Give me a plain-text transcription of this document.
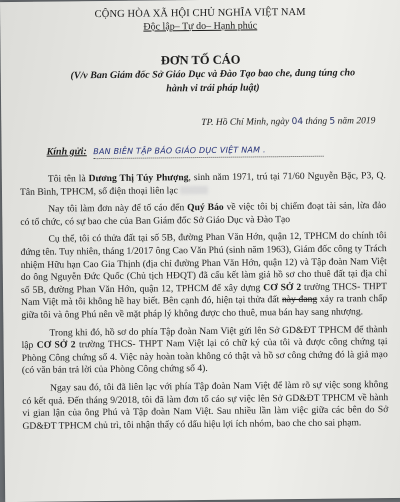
CỘNG HÒA XÃ HỘI CHỦ NGHĨA VIỆT NAM
Độc lập– Tự do– Hạnh phúc
ĐƠN TỐ CÁO
(V/v Ban Giám đốc Sở Giáo Dục và Đào Tạo bao che, dung túng cho hành vi trái pháp luật)
TP. Hồ Chí Minh, ngày 04 tháng 5 năm 2019
Kính gửi: BAN BIÊN TẬP BÁO GIÁO DỤC VIỆT NAM .

Tôi tên là Dương Thị Túy Phượng, sinh năm 1971, trú tại 71/60 Nguyễn Bặc, P3, Q. Tân Bình, TPHCM, số điện thoại liên lạc

Nay tôi làm đơn này để tố cáo đến Quý Báo về việc tôi bị chiếm đoạt tài sản, lừa đảo có tổ chức, có sự bao che của Ban Giám đốc Sở Giáo Dục và Đào Tạo

Cụ thể, tôi có thửa đất tại số 5B, đường Phan Văn Hớn, quận 12, TPHCM do chính tôi đứng tên. Tuy nhiên, tháng 1/2017 ông Cao Văn Phú (sinh năm 1963), Giám đốc công ty Trách nhiệm Hữu hạn Cao Gia Thịnh (địa chỉ đường Phan Văn Hớn, quận 12) và Tập đoàn Nam Việt do ông Nguyễn Đức Quốc (Chủ tịch HĐQT) đã cấu kết làm giả hồ sơ cho thuê đất tại địa chỉ số 5B, đường Phan Văn Hớn, quận 12, TPHCM để xây dựng CƠ SỞ 2 trường THCS- THPT Nam Việt mà tôi không hề hay biết. Bên cạnh đó, hiện tại thửa đất này đang xảy ra tranh chấp giữa tôi và ông Phú nên về mặt pháp lý không được cho thuê, mua bán hay sang nhượng.

Trong khi đó, hồ sơ do phía Tập đoàn Nam Việt gửi lên Sở GD&ĐT TPHCM để thành lập CƠ SỞ 2 trường THCS- THPT Nam Việt lại có chữ ký của tôi và được công chứng tại Phòng Công chứng số 4. Việc này hoàn toàn không có thật và hồ sơ công chứng đó là giả mạo (có văn bản trả lời của Phòng Công chứng số 4).

Ngay sau đó, tôi đã liên lạc với phía Tập đoàn Nam Việt để làm rõ sự việc song không có kết quả. Đến tháng 9/2018, tôi đã làm đơn tố cáo sự việc lên Sở GD&ĐT TPHCM về hành vi gian lận của ông Phú và Tập đoàn Nam Việt. Sau nhiều lần làm việc giữa các bên do Sở GD&ĐT TPHCM chủ trì, tôi nhận thấy có dấu hiệu lợi ích nhóm, bao che cho sai phạm.
